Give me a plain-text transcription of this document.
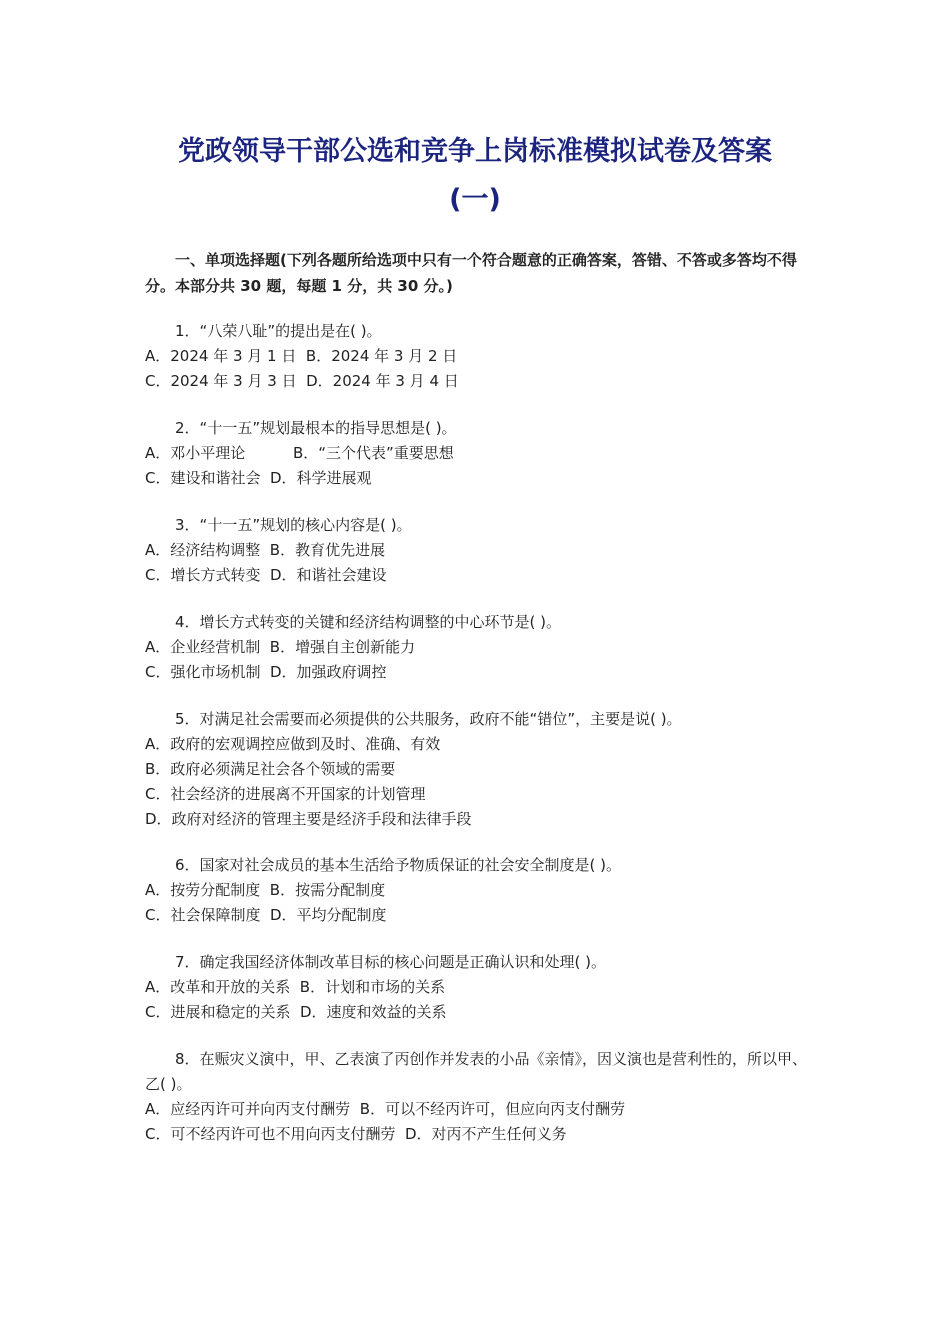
党政领导干部公选和竞争上岗标准模拟试卷及答案
(一)

一、单项选择题(下列各题所给选项中只有一个符合题意的正确答案，答错、不答或多答均不得分。本部分共 30 题，每题 1 分，共 30 分。)

1．“八荣八耻”的提出是在( )。

A．2024 年 3 月 1 日  B．2024 年 3 月 2 日

C．2024 年 3 月 3 日  D．2024 年 3 月 4 日

2．“十一五”规划最根本的指导思想是( )。

A．邓小平理论          B．“三个代表”重要思想

C．建设和谐社会  D．科学进展观

3．“十一五”规划的核心内容是( )。

A．经济结构调整  B．教育优先进展

C．增长方式转变  D．和谐社会建设

4．增长方式转变的关键和经济结构调整的中心环节是( )。

A．企业经营机制  B．增强自主创新能力

C．强化市场机制  D．加强政府调控

5．对满足社会需要而必须提供的公共服务，政府不能“错位”，主要是说( )。

A．政府的宏观调控应做到及时、准确、有效

B．政府必须满足社会各个领域的需要

C．社会经济的进展离不开国家的计划管理

D．政府对经济的管理主要是经济手段和法律手段

6．国家对社会成员的基本生活给予物质保证的社会安全制度是( )。

A．按劳分配制度  B．按需分配制度

C．社会保障制度  D．平均分配制度

7．确定我国经济体制改革目标的核心问题是正确认识和处理( )。

A．改革和开放的关系  B．计划和市场的关系

C．进展和稳定的关系  D．速度和效益的关系

8．在赈灾义演中，甲、乙表演了丙创作并发表的小品《亲情》，因义演也是营利性的，所以甲、乙( )。

A．应经丙许可并向丙支付酬劳  B．可以不经丙许可，但应向丙支付酬劳

C．可不经丙许可也不用向丙支付酬劳  D．对丙不产生任何义务
